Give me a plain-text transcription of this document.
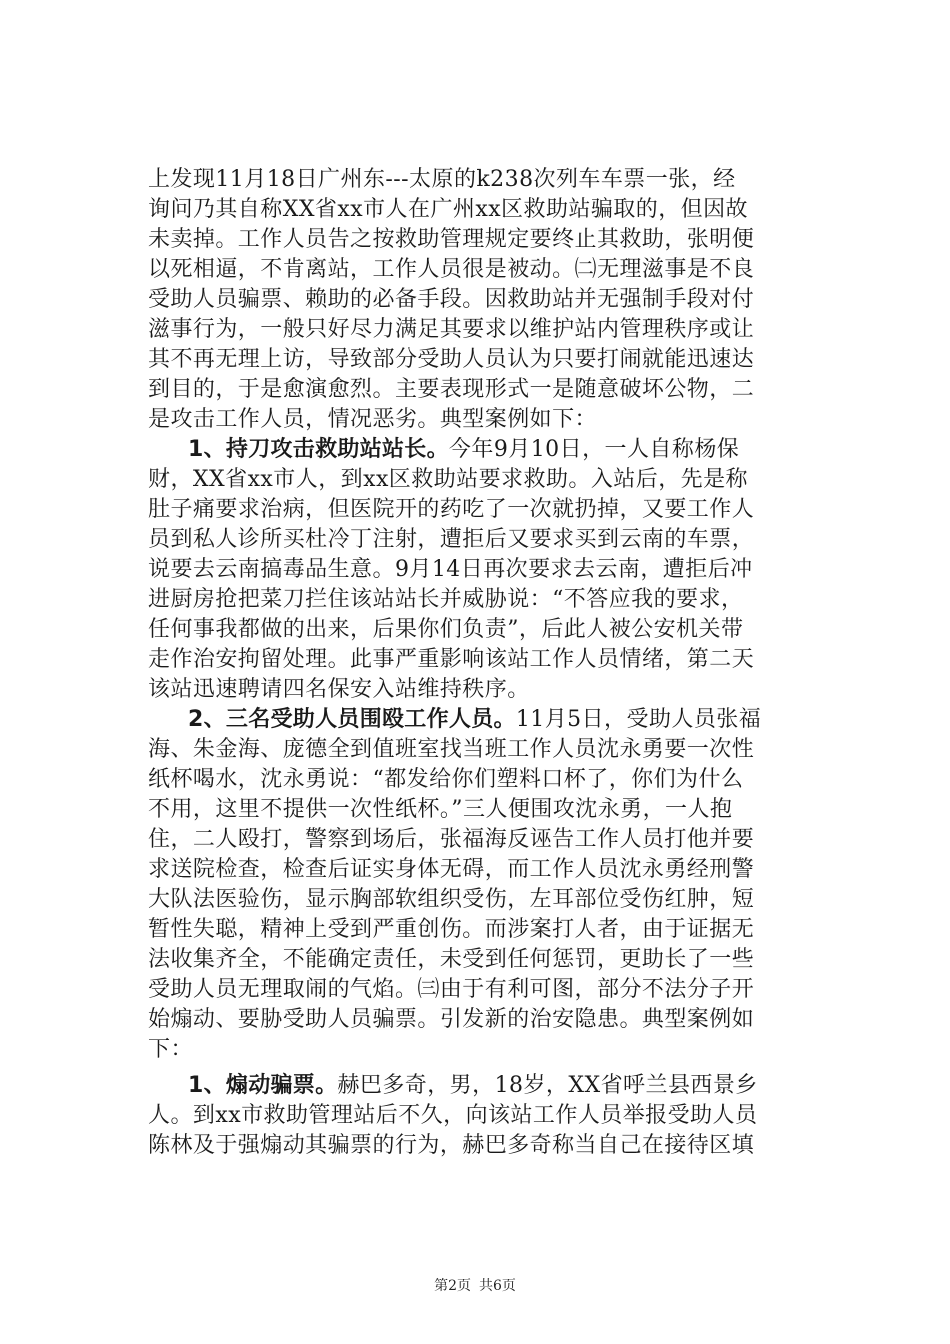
上发现11月18日广州东---太原的k238次列车车票一张，经
询问乃其自称XX省xx市人在广州xx区救助站骗取的，但因故
未卖掉。工作人员告之按救助管理规定要终止其救助，张明便
以死相逼，不肯离站，工作人员很是被动。㈡无理滋事是不良
受助人员骗票、赖助的必备手段。因救助站并无强制手段对付
滋事行为，一般只好尽力满足其要求以维护站内管理秩序或让
其不再无理上访，导致部分受助人员认为只要打闹就能迅速达
到目的，于是愈演愈烈。主要表现形式一是随意破坏公物，二
是攻击工作人员，情况恶劣。典型案例如下：
1、持刀攻击救助站站长。今年9月10日，一人自称杨保
财，XX省xx市人，到xx区救助站要求救助。入站后，先是称
肚子痛要求治病，但医院开的药吃了一次就扔掉，又要工作人
员到私人诊所买杜冷丁注射，遭拒后又要求买到云南的车票，
说要去云南搞毒品生意。9月14日再次要求去云南，遭拒后冲
进厨房抢把菜刀拦住该站站长并威胁说：“不答应我的要求，
任何事我都做的出来，后果你们负责”，后此人被公安机关带
走作治安拘留处理。此事严重影响该站工作人员情绪，第二天
该站迅速聘请四名保安入站维持秩序。
2、三名受助人员围殴工作人员。11月5日，受助人员张福
海、朱金海、庞德全到值班室找当班工作人员沈永勇要一次性
纸杯喝水，沈永勇说：“都发给你们塑料口杯了，你们为什么
不用，这里不提供一次性纸杯。”三人便围攻沈永勇，一人抱
住，二人殴打，警察到场后，张福海反诬告工作人员打他并要
求送院检查，检查后证实身体无碍，而工作人员沈永勇经刑警
大队法医验伤，显示胸部软组织受伤，左耳部位受伤红肿，短
暂性失聪，精神上受到严重创伤。而涉案打人者，由于证据无
法收集齐全，不能确定责任，未受到任何惩罚，更助长了一些
受助人员无理取闹的气焰。㈢由于有利可图，部分不法分子开
始煽动、要胁受助人员骗票。引发新的治安隐患。典型案例如
下：
1、煽动骗票。赫巴多奇，男，18岁，XX省呼兰县西景乡
人。到xx市救助管理站后不久，向该站工作人员举报受助人员
陈林及于强煽动其骗票的行为，赫巴多奇称当自己在接待区填
第2页 共6页
